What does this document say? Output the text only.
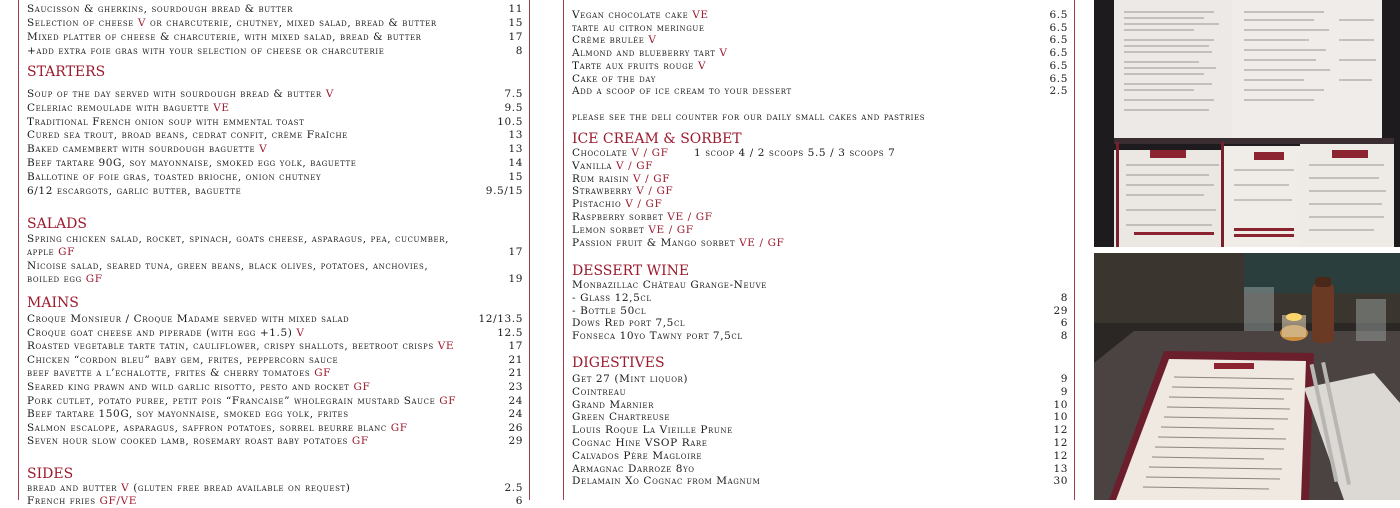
Saucisson & gherkins, sourdough bread & butter	11
Selection of cheese V or charcuterie, chutney, mixed salad, bread & butter	15
Mixed platter of cheese & charcuterie, with mixed salad, bread & butter	17
+add extra foie gras with your selection of cheese or charcuterie	8
STARTERS
Soup of the day served with sourdough bread & butter V	7.5
Celeriac remoulade with baguette VE	9.5
Traditional French onion soup with emmental toast	10.5
Cured sea trout, broad beans, cedrat confit, crème Fraîche	13
Baked camembert with sourdough baguette V	13
Beef tartare 90G, soy mayonnaise, smoked egg yolk, baguette	14
Ballotine of foie gras, toasted brioche, onion chutney	15
6/12 escargots, garlic butter, baguette	9.5/15
SALADS
Spring chicken salad, rocket, spinach, goats cheese, asparagus, pea, cucumber,
apple GF	17
Nicoise salad, seared tuna, green beans, black olives, potatoes, anchovies,
boiled egg GF	19
MAINS
Croque Monsieur / Croque Madame served with mixed salad	12/13.5
Croque goat cheese and piperade (with egg +1.5) V	12.5
Roasted vegetable tarte tatin, cauliflower, crispy shallots, beetroot crisps VE	17
Chicken “cordon bleu” baby gem, frites, peppercorn sauce	21
beef bavette a l’echalotte, frites & cherry tomatoes GF	21
Seared king prawn and wild garlic risotto, pesto and rocket GF	23
Pork cutlet, potato puree, petit pois “Francaise” wholegrain mustard Sauce GF	24
Beef tartare 150G, soy mayonnaise, smoked egg yolk, frites	24
Salmon escalope, asparagus, saffron potatoes, sorrel beurre blanc GF	26
Seven hour slow cooked lamb, rosemary roast baby potatoes GF	29
SIDES
bread and butter V (gluten free bread available on request)	2.5
French fries GF/VE	6
Vegan chocolate cake VE	6.5
tarte au citron meringue	6.5
Crème brulée V	6.5
Almond and blueberry tart V	6.5
Tarte aux fruits rouge V	6.5
Cake of the day	6.5
Add a scoop of ice cream to your dessert	2.5
please see the deli counter for our daily small cakes and pastries
ICE CREAM & SORBET
1 scoop 4 / 2 scoops 5.5 / 3 scoops 7
Chocolate V / GF
Vanilla V / GF
Rum raisin V / GF
Strawberry V / GF
Pistachio V / GF
Raspberry sorbet VE / GF
Lemon sorbet VE / GF
Passion fruit & Mango sorbet VE / GF
DESSERT WINE
Monbazillac Château Grange-Neuve
- Glass 12,5cl	8
- Bottle 50cl	29
Dows Red port 7,5cl	6
Fonseca 10yo Tawny port 7,5cl	8
DIGESTIVES
Get 27 (Mint liquor)	9
Cointreau	9
Grand Marnier	10
Green Chartreuse	10
Louis Roque La Vieille Prune	12
Cognac Hine VSOP Rare	12
Calvados Père Magloire	12
Armagnac Darroze 8yo	13
Delamain Xo Cognac from Magnum	30
